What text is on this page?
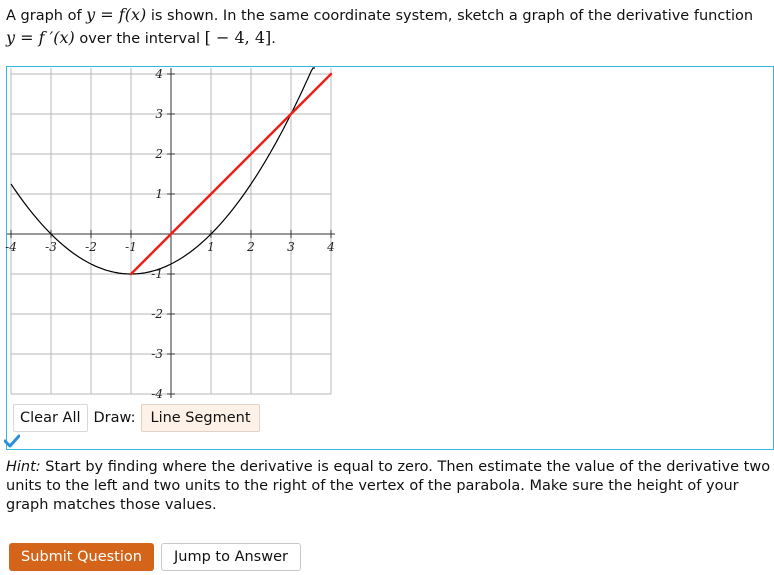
A graph of y = f(x) is shown. In the same coordinate system, sketch a graph of the derivative function
y = f ′(x) over the interval [ − 4, 4].
-4 -3 -2 -1	1	2	3	4
-4
-3
-2
-1
1
2
3
4
Clear All Draw:	Line Segment
Hint: Start by finding where the derivative is equal to zero. Then estimate the value of the derivative two units to the left and two units to the right of the vertex of the parabola. Make sure the height of your graph matches those values.
Submit Question	Jump to Answer
